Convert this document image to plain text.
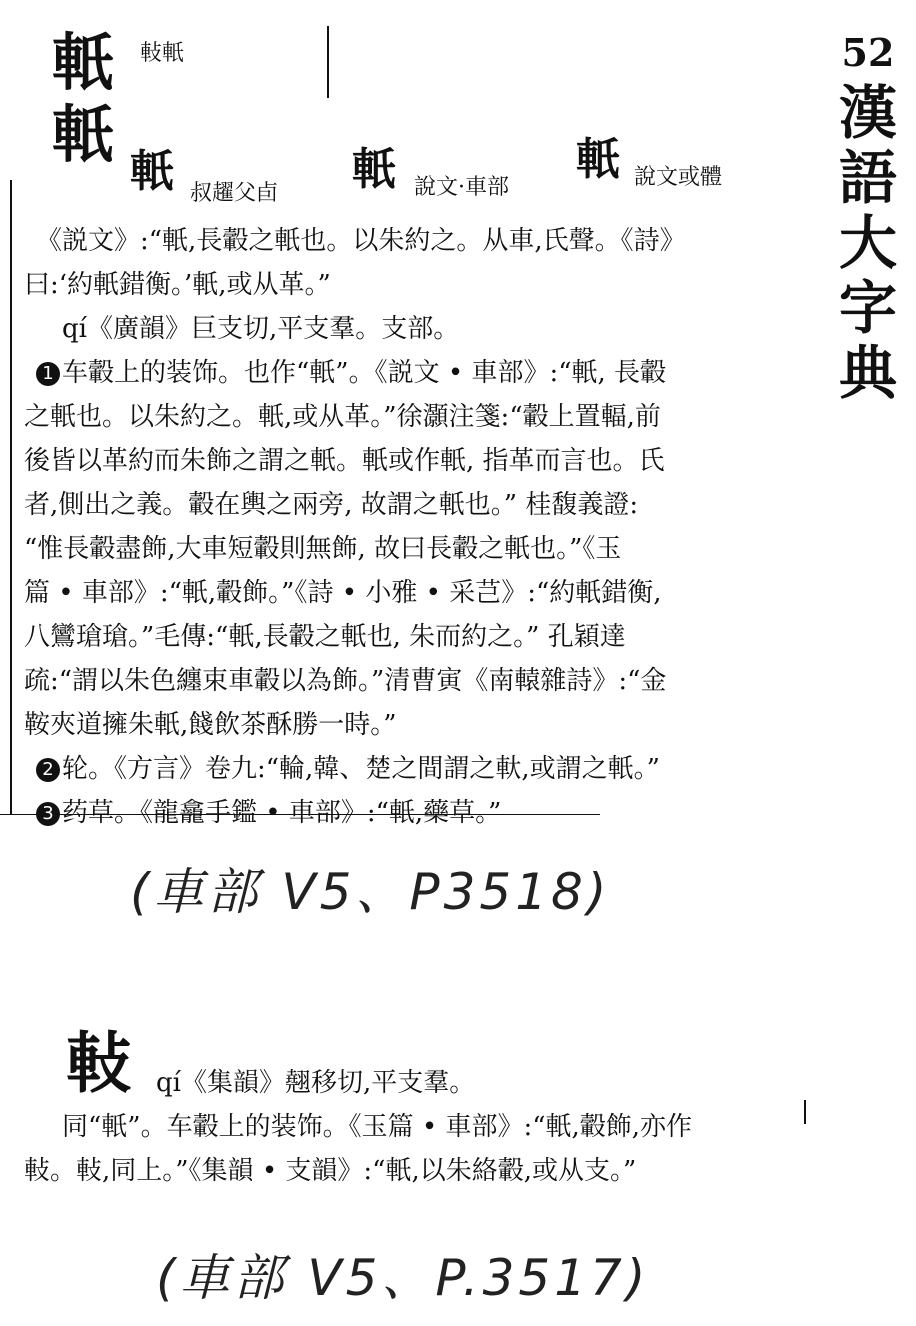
52
漢
語
大
字
典
軝
軝
軙軝
軝 叔趯父卣 軝 說文·車部
軝 說文或體
《説文》:“軝,長轂之軝也。以朱約之。从車,氏聲。《詩》
曰:‘約軝錯衡。’軝,或从革。”
qí《廣韻》巨支切,平支羣。支部。
1 车轂上的装饰。也作“軝”。《説文 • 車部》:“軝, 長轂
之軝也。以朱約之。軝,或从革。”徐灝注箋:“轂上置輻,前
後皆以革約而朱飾之謂之軝。軝或作軝, 指革而言也。氏
者,側出之義。轂在輿之兩旁, 故謂之軝也。” 桂馥義證:
“惟長轂盡飾,大車短轂則無飾, 故曰長轂之軝也。”《玉
篇 • 車部》:“軝,轂飾。”《詩 • 小雅 • 采芑》:“約軝錯衡,
八鸞瑲瑲。”毛傳:“軝,長轂之軝也, 朱而約之。” 孔穎達
疏:“謂以朱色纏束車轂以為飾。”清曹寅《南轅雜詩》:“金
鞍夾道擁朱軝,餞飲茶酥勝一時。”
2 轮。《方言》卷九:“輪,韓、楚之間謂之軑,或謂之軝。”
3 药草。《龍龕手鑑 • 車部》:“軝,藥草。”
(車部 V5、P3518)
軙 qí《集韻》翹移切,平支羣。
同“軝”。车轂上的装饰。《玉篇 • 車部》:“軝,轂飾,亦作
軙。軙,同上。”《集韻 • 支韻》:“軝,以朱絡轂,或从支。”
(車部 V5、P.3517)
